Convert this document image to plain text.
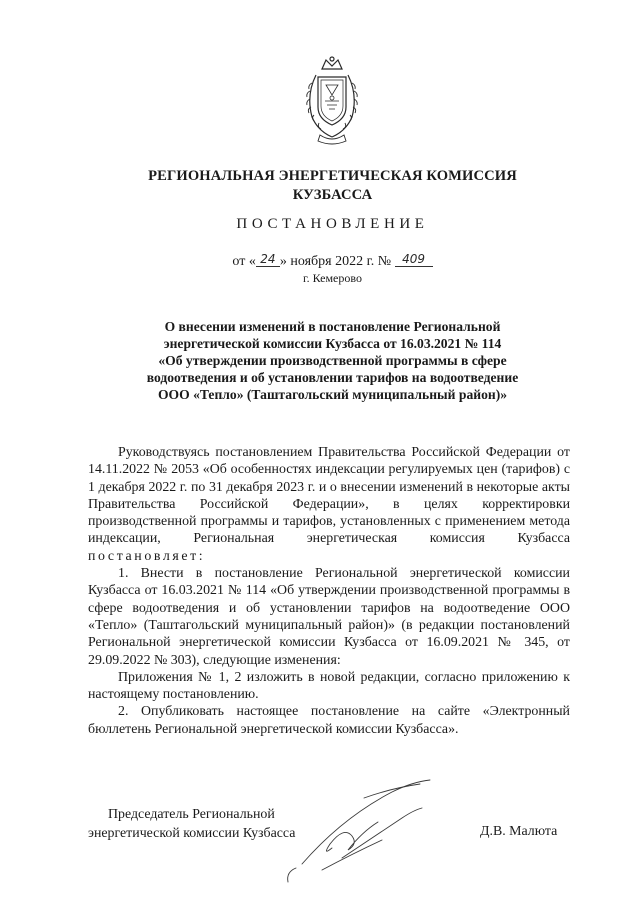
РЕГИОНАЛЬНАЯ ЭНЕРГЕТИЧЕСКАЯ КОМИССИЯ
КУЗБАССА
ПОСТАНОВЛЕНИЕ
от « 24 » ноября 2022 г. № 409
г. Кемерово
О внесении изменений в постановление Региональной
энергетической комиссии Кузбасса от 16.03.2021 № 114
«Об утверждении производственной программы в сфере
водоотведения и об установлении тарифов на водоотведение
ООО «Тепло» (Таштагольский муниципальный район)»

Руководствуясь постановлением Правительства Российской Федерации от 14.11.2022 № 2053 «Об особенностях индексации регулируемых цен (тарифов) с 1 декабря 2022 г. по 31 декабря 2023 г. и о внесении изменений в некоторые акты Правительства Российской Федерации», в целях корректировки производственной программы и тарифов, установленных с применением метода индексации, Региональная энергетическая комиссия Кузбасса постановляет:

1. Внести в постановление Региональной энергетической комиссии Кузбасса от 16.03.2021 № 114 «Об утверждении производственной программы в сфере водоотведения и об установлении тарифов на водоотведение ООО «Тепло» (Таштагольский муниципальный район)» (в редакции постановлений Региональной энергетической комиссии Кузбасса от 16.09.2021 № 345, от 29.09.2022 № 303), следующие изменения:

Приложения № 1, 2 изложить в новой редакции, согласно приложению к настоящему постановлению.

2. Опубликовать настоящее постановление на сайте «Электронный бюллетень Региональной энергетической комиссии Кузбасса».

Председатель Региональной
энергетической комиссии Кузбасса	Д.В. Малюта
